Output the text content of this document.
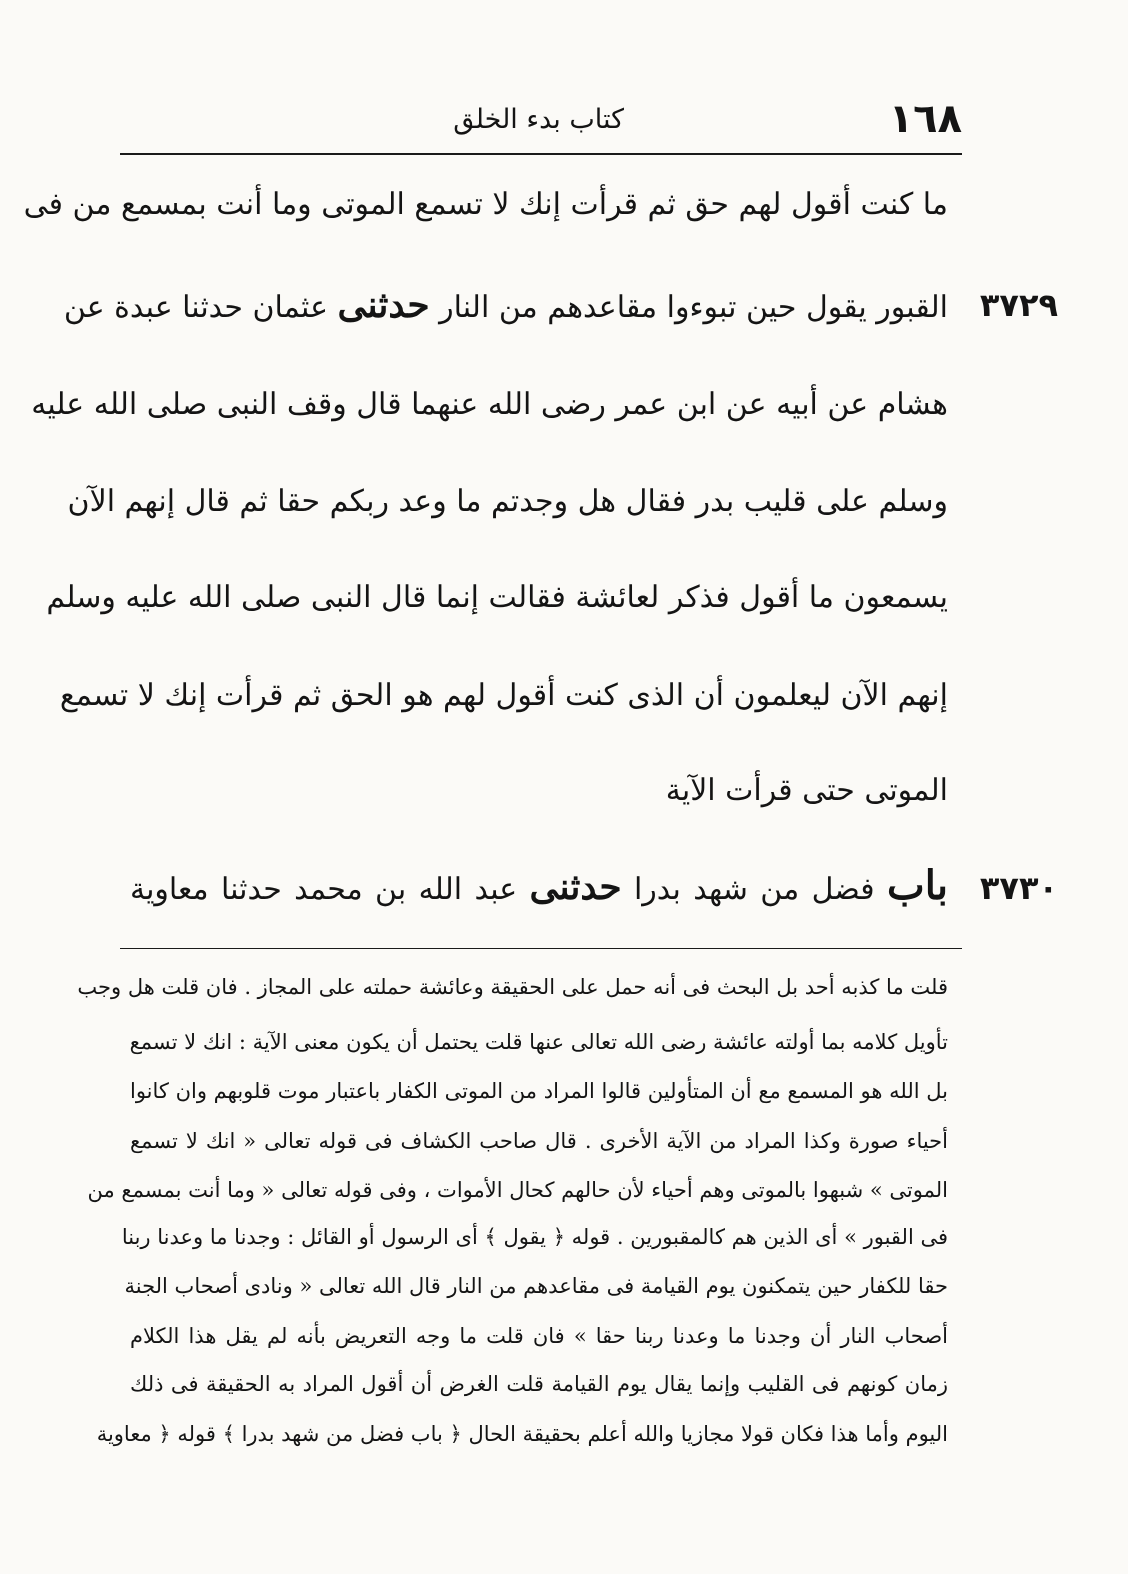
١٦٨
كتاب بدء الخلق
ما كنت أقول لهم حق ثم قرأت إنك لا تسمع الموتى وما أنت بمسمع من فى
٣٧٢٩
القبور يقول حين تبوءوا مقاعدهم من النار حدثنى عثمان حدثنا عبدة عن
هشام عن أبيه عن ابن عمر رضى الله عنهما قال وقف النبى صلى الله عليه
وسلم على قليب بدر فقال هل وجدتم ما وعد ربكم حقا ثم قال إنهم الآن
يسمعون ما أقول فذكر لعائشة فقالت إنما قال النبى صلى الله عليه وسلم
إنهم الآن ليعلمون أن الذى كنت أقول لهم هو الحق ثم قرأت إنك لا تسمع
الموتى حتى قرأت الآية
٣٧٣٠
باب فضل من شهد بدرا حدثنى عبد الله بن محمد حدثنا معاوية
قلت ما كذبه أحد بل البحث فى أنه حمل على الحقيقة وعائشة حملته على المجاز . فان قلت هل وجب
تأويل كلامه بما أولته عائشة رضى الله تعالى عنها قلت يحتمل أن يكون معنى الآية : انك لا تسمع
بل الله هو المسمع مع أن المتأولين قالوا المراد من الموتى الكفار باعتبار موت قلوبهم وان كانوا
أحياء صورة وكذا المراد من الآية الأخرى . قال صاحب الكشاف فى قوله تعالى « انك لا تسمع
الموتى » شبهوا بالموتى وهم أحياء لأن حالهم كحال الأموات ، وفى قوله تعالى « وما أنت بمسمع من
فى القبور » أى الذين هم كالمقبورين . قوله ﴿ يقول ﴾ أى الرسول أو القائل : وجدنا ما وعدنا ربنا
حقا للكفار حين يتمكنون يوم القيامة فى مقاعدهم من النار قال الله تعالى « ونادى أصحاب الجنة
أصحاب النار أن وجدنا ما وعدنا ربنا حقا » فان قلت ما وجه التعريض بأنه لم يقل هذا الكلام
زمان كونهم فى القليب وإنما يقال يوم القيامة قلت الغرض أن أقول المراد به الحقيقة فى ذلك
اليوم وأما هذا فكان قولا مجازيا والله أعلم بحقيقة الحال ﴿ باب فضل من شهد بدرا ﴾ قوله ﴿ معاوية
